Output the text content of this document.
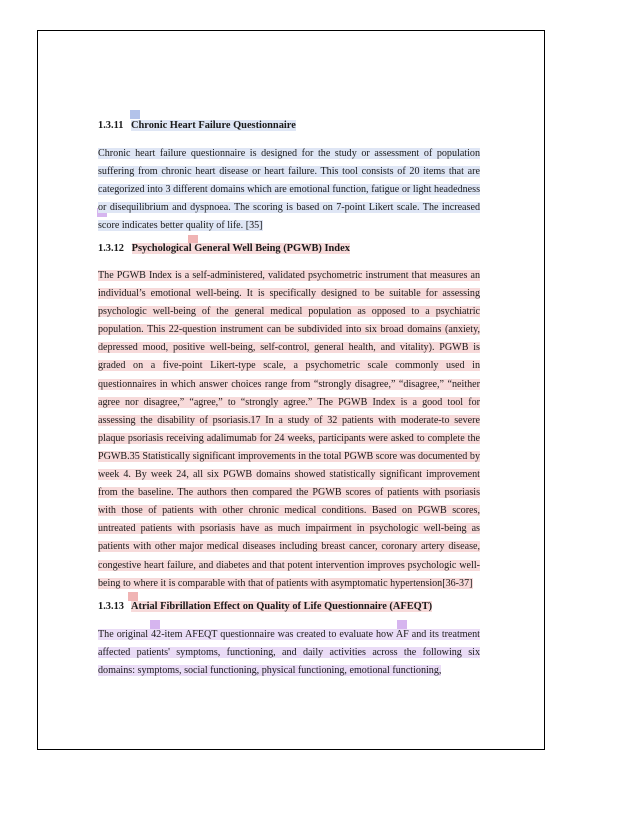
1.3.11 Chronic Heart Failure Questionnaire
Chronic heart failure questionnaire is designed for the study or assessment of population suffering from chronic heart disease or heart failure. This tool consists of 20 items that are categorized into 3 different domains which are emotional function, fatigue or light headedness or disequilibrium and dyspnoea. The scoring is based on 7-point Likert scale. The increased score indicates better quality of life. [35]
1.3.12 Psychological General Well Being (PGWB) Index
The PGWB Index is a self-administered, validated psychometric instrument that measures an individual’s emotional well-being. It is specifically designed to be suitable for assessing psychologic well-being of the general medical population as opposed to a psychiatric population. This 22-question instrument can be subdivided into six broad domains (anxiety, depressed mood, positive well-being, self-control, general health, and vitality). PGWB is graded on a five-point Likert-type scale, a psychometric scale commonly used in questionnaires in which answer choices range from “strongly disagree,” “disagree,” “neither agree nor disagree,” “agree,” to “strongly agree.” The PGWB Index is a good tool for assessing the disability of psoriasis.17 In a study of 32 patients with moderate-to severe plaque psoriasis receiving adalimumab for 24 weeks, participants were asked to complete the PGWB.35 Statistically significant improvements in the total PGWB score was documented by week 4. By week 24, all six PGWB domains showed statistically significant improvement from the baseline. The authors then compared the PGWB scores of patients with psoriasis with those of patients with other chronic medical conditions. Based on PGWB scores, untreated patients with psoriasis have as much impairment in psychologic well-being as patients with other major medical diseases including breast cancer, coronary artery disease, congestive heart failure, and diabetes and that potent intervention improves psychologic well-being to where it is comparable with that of patients with asymptomatic hypertension[36-37]
1.3.13 Atrial Fibrillation Effect on Quality of Life Questionnaire (AFEQT)
The original 42-item AFEQT questionnaire was created to evaluate how AF and its treatment affected patients' symptoms, functioning, and daily activities across the following six domains: symptoms, social functioning, physical functioning, emotional functioning,
